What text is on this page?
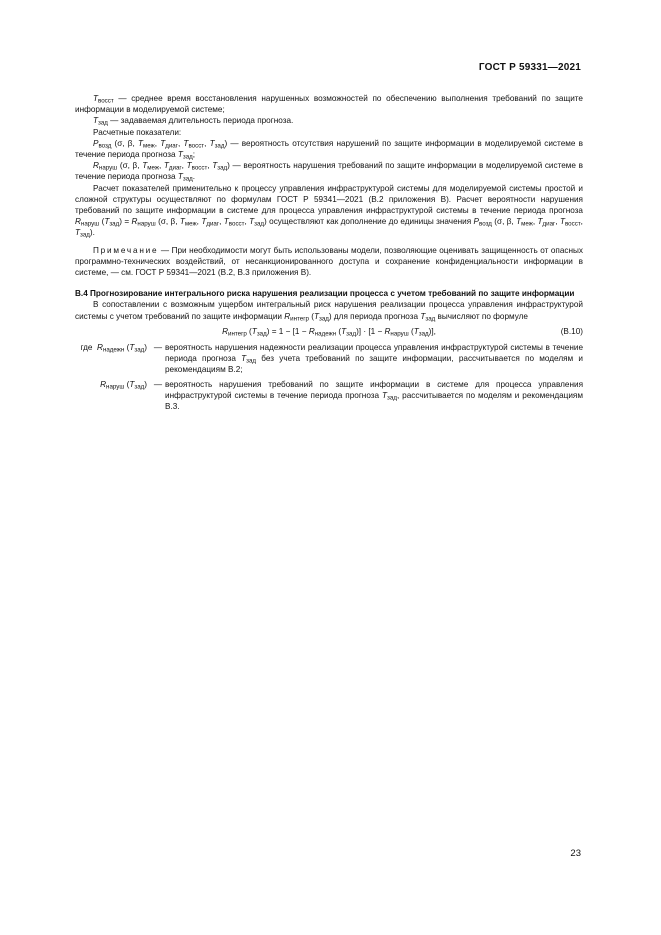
ГОСТ Р 59331—2021

$T_{восст}$ — среднее время восстановления нарушенных возможностей по обеспечению выполнения требований по защите информации в моделируемой системе;

$T_{зад}$ — задаваемая длительность периода прогноза.

Расчетные показатели:

$P_{возд}$ (σ, β, $T_{меж}$, $T_{диаг}$, $T_{восст}$, $T_{зад}$) — вероятность отсутствия нарушений по защите информации в моделируемой системе в течение периода прогноза $T_{зад}$;

$R_{наруш}$ (σ, β, $T_{меж}$, $T_{диаг}$, $T_{восст}$, $T_{зад}$) — вероятность нарушения требований по защите информации в моделируемой системе в течение периода прогноза $T_{зад}$.

Расчет показателей применительно к процессу управления инфраструктурой системы для моделируемой системы простой и сложной структуры осуществляют по формулам ГОСТ Р 59341—2021 (В.2 приложения В). Расчет вероятности нарушения требований по защите информации в системе для процесса управления инфраструктурой системы в течение периода прогноза $R_{наруш}$ $(T_{зад}) = R_{наруш}$ (σ, β, $T_{меж}$, $T_{диаг}$, $T_{восст}$, $T_{зад}$) осуществляют как дополнение до единицы значения $P_{возд}$ (σ, β, $T_{меж}$, $T_{диаг}$, $T_{восст}$, $T_{зад}$).

Примечание — При необходимости могут быть использованы модели, позволяющие оценивать защищенность от опасных программно-технических воздействий, от несанкционированного доступа и сохранение конфиденциальности информации в системе, — см. ГОСТ Р 59341—2021 (В.2, В.3 приложения В).

В.4 Прогнозирование интегрального риска нарушения реализации процесса с учетом требований по защите информации

В сопоставлении с возможным ущербом интегральный риск нарушения реализации процесса управления инфраструктурой системы с учетом требований по защите информации $R_{интегр}$ $(T_{зад})$ для периода прогноза $T_{зад}$ вычисляют по формуле

$R_{интегр}$ $(T_{зад}) = 1 - [1 - R_{надежн}$ $(T_{зад})] \cdot [1 - R_{наруш}$ $(T_{зад})$],	(В.10)
где $R_{надежн}$ $(T_{зад})$	—	вероятность нарушения надежности реализации процесса управления инфраструктурой системы в течение периода прогноза $T_{зад}$ без учета требований по защите информации, рассчитывается по моделям и рекомендациям В.2;
$R_{наруш}$ $(T_{зад})$	—	вероятность нарушения требований по защите информации в системе для процесса управления инфраструктурой системы в течение периода прогноза $T_{зад}$, рассчитывается по моделям и рекомендациям В.3.
23
